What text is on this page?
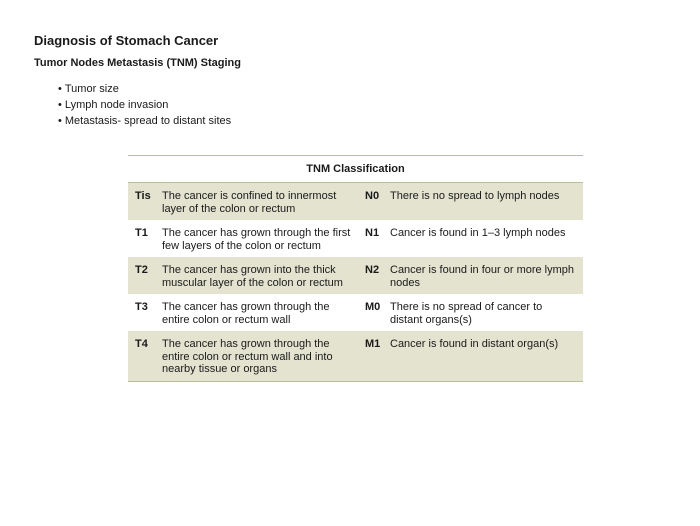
Diagnosis of Stomach Cancer
Tumor Nodes Metastasis (TNM) Staging
• Tumor size
• Lymph node invasion
• Metastasis- spread to distant sites
TNM Classification			
Tis	The cancer is confined to innermost layer of the colon or rectum	N0	There is no spread to lymph nodes
T1	The cancer has grown through the first few layers of the colon or rectum	N1	Cancer is found in 1–3 lymph nodes
T2	The cancer has grown into the thick muscular layer of the colon or rectum	N2	Cancer is found in four or more lymph nodes
T3	The cancer has grown through the entire colon or rectum wall	M0	There is no spread of cancer to distant organs(s)
T4	The cancer has grown through the entire colon or rectum wall and into nearby tissue or organs	M1	Cancer is found in distant organ(s)
